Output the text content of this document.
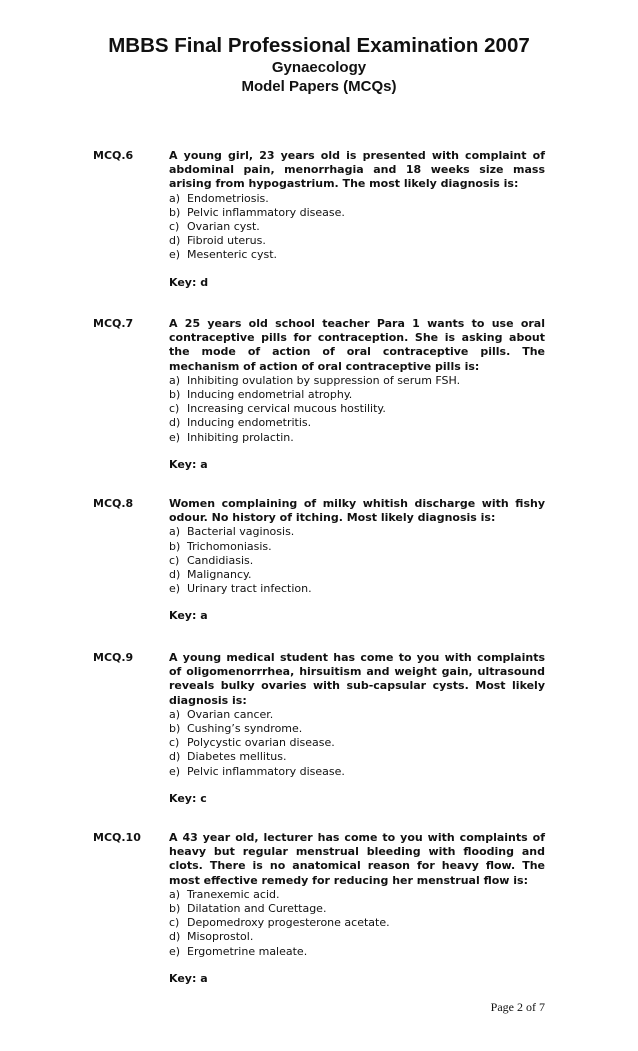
MBBS Final Professional Examination 2007
Gynaecology
Model Papers (MCQs)
MCQ.6	A young girl, 23 years old is presented with complaint of abdominal pain, menorrhagia and 18 weeks size mass arising from hypogastrium. The most likely diagnosis is:
a) Endometriosis.
b) Pelvic inflammatory disease.
c) Ovarian cyst.
d) Fibroid uterus.
e) Mesenteric cyst.
Key: d
MCQ.7	A 25 years old school teacher Para 1 wants to use oral contraceptive pills for contraception. She is asking about the mode of action of oral contraceptive pills. The mechanism of action of oral contraceptive pills is:
a) Inhibiting ovulation by suppression of serum FSH.
b) Inducing endometrial atrophy.
c) Increasing cervical mucous hostility.
d) Inducing endometritis.
e) Inhibiting prolactin.
Key: a
MCQ.8	Women complaining of milky whitish discharge with fishy odour. No history of itching. Most likely diagnosis is:
a) Bacterial vaginosis.
b) Trichomoniasis.
c) Candidiasis.
d) Malignancy.
e) Urinary tract infection.
Key: a
MCQ.9	A young medical student has come to you with complaints of oligomenorrrhea, hirsuitism and weight gain, ultrasound reveals bulky ovaries with sub-capsular cysts. Most likely diagnosis is:
a) Ovarian cancer.
b) Cushing’s syndrome.
c) Polycystic ovarian disease.
d) Diabetes mellitus.
e) Pelvic inflammatory disease.
Key: c
MCQ.10	A 43 year old, lecturer has come to you with complaints of heavy but regular menstrual bleeding with flooding and clots. There is no anatomical reason for heavy flow. The most effective remedy for reducing her menstrual flow is:
a) Tranexemic acid.
b) Dilatation and Curettage.
c) Depomedroxy progesterone acetate.
d) Misoprostol.
e) Ergometrine maleate.
Key: a
Page 2 of 7
